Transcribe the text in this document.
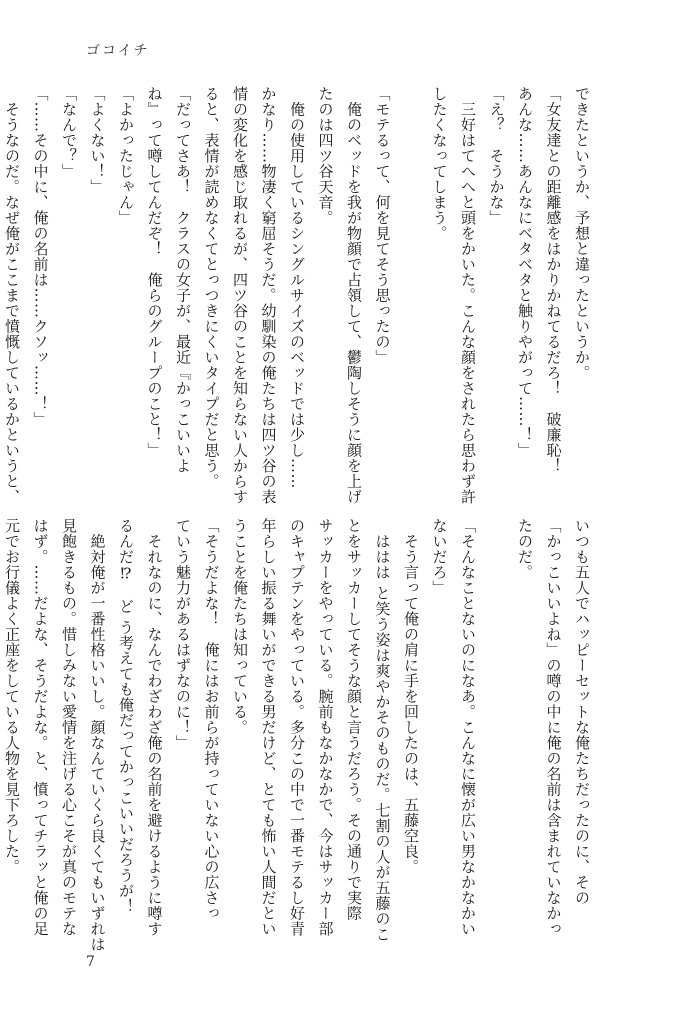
ゴコイチ
できたというか、予想と違ったというか。
「女友達との距離感をはかりかねてるだろ！　破廉恥！
あんな……あんなにベタベタと触りやがって……！」
「え？　そうかな」
　三好はてへへと頭をかいた。こんな顔をされたら思わず許
したくなってしまう。

「モテるって、何を見てそう思ったの」
　俺のベッドを我が物顔で占領して、鬱陶しそうに顔を上げ
たのは四ツ谷天音。
　俺の使用しているシングルサイズのベッドでは少し……
かなり……物凄く窮屈そうだ。幼馴染の俺たちは四ツ谷の表
情の変化を感じ取れるが、四ツ谷のことを知らない人からす
ると、表情が読めなくてとっつきにくいタイプだと思う。
「だってさあ！　クラスの女子が、最近『かっこいいよ
ね』って噂してんだぞ！　俺らのグループのこと！」
「よかったじゃん」
「よくない！」
「なんで？」
「……その中に、俺の名前は……クソッ……！」
　そうなのだ。なぜ俺がここまで憤慨しているかというと、
いつも五人でハッピーセットな俺たちだったのに、その
「かっこいいよね」の噂の中に俺の名前は含まれていなかっ
たのだ。

「そんなことないのになあ。こんなに懐が広い男なかなかい
ないだろ」
　そう言って俺の肩に手を回したのは、五藤空良。
　ははは と笑う姿は爽やかそのものだ。七割の人が五藤のこ
とをサッカーしてそうな顔と言うだろう。その通りで実際
サッカーをやっている。腕前もなかなかで、今はサッカー部
のキャプテンをやっている。多分この中で一番モテるし好青
年らしい振る舞いができる男だけど、とても怖い人間だとい
うことを俺たちは知っている。
「そうだよな！　俺にはお前らが持っていない心の広さっ
ていう魅力があるはずなのに！」
　それなのに、なんでわざわざ俺の名前を避けるように噂す
るんだ⁉　ど う考えても俺だってかっこいいだろうが！
　絶対俺が一番性格いいし。顔なんていくら良くてもいずれは
見飽きるもの。惜しみない愛情を注げる心こそが真のモテな
はず。……だよな、そうだよな。と、憤ってチラッと俺の足
元でお行儀よく正座をしている人物を見下ろした。
7
